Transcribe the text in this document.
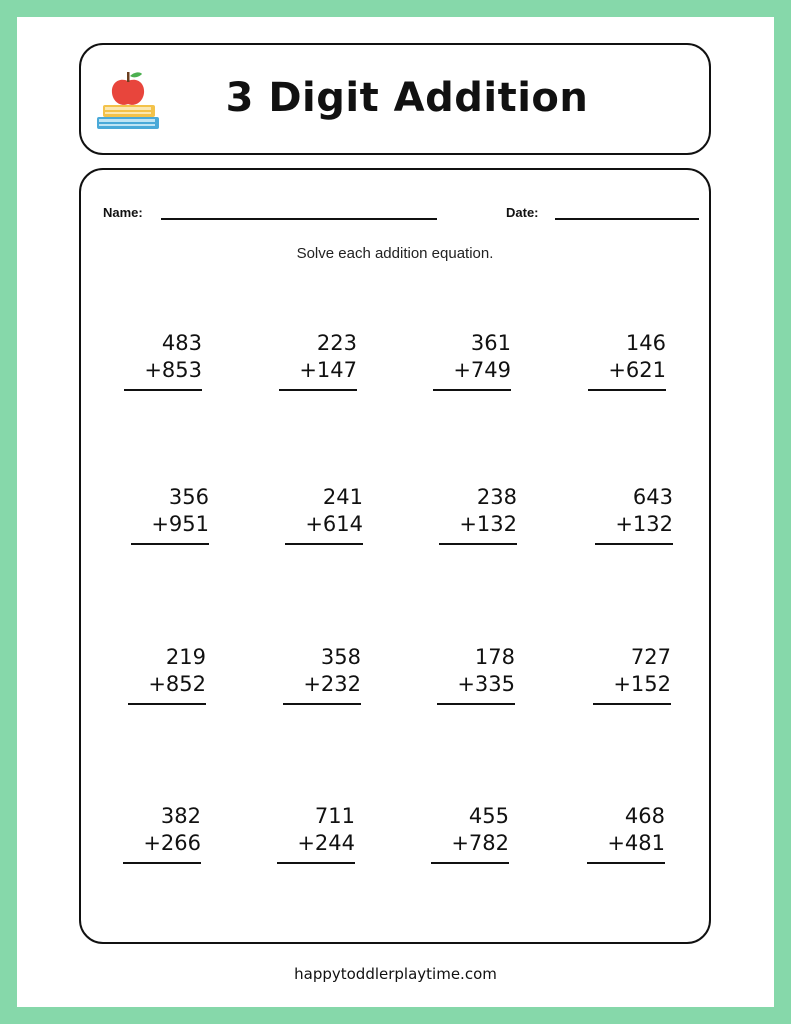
3 Digit Addition
Name:	Date:
Solve each addition equation.
483
+853
223
+147
361
+749
146
+621
356
+951
241
+614
238
+132
643
+132
219
+852
358
+232
178
+335
727
+152
382
+266
711
+244
455
+782
468
+481
happytoddlerplaytime.com
